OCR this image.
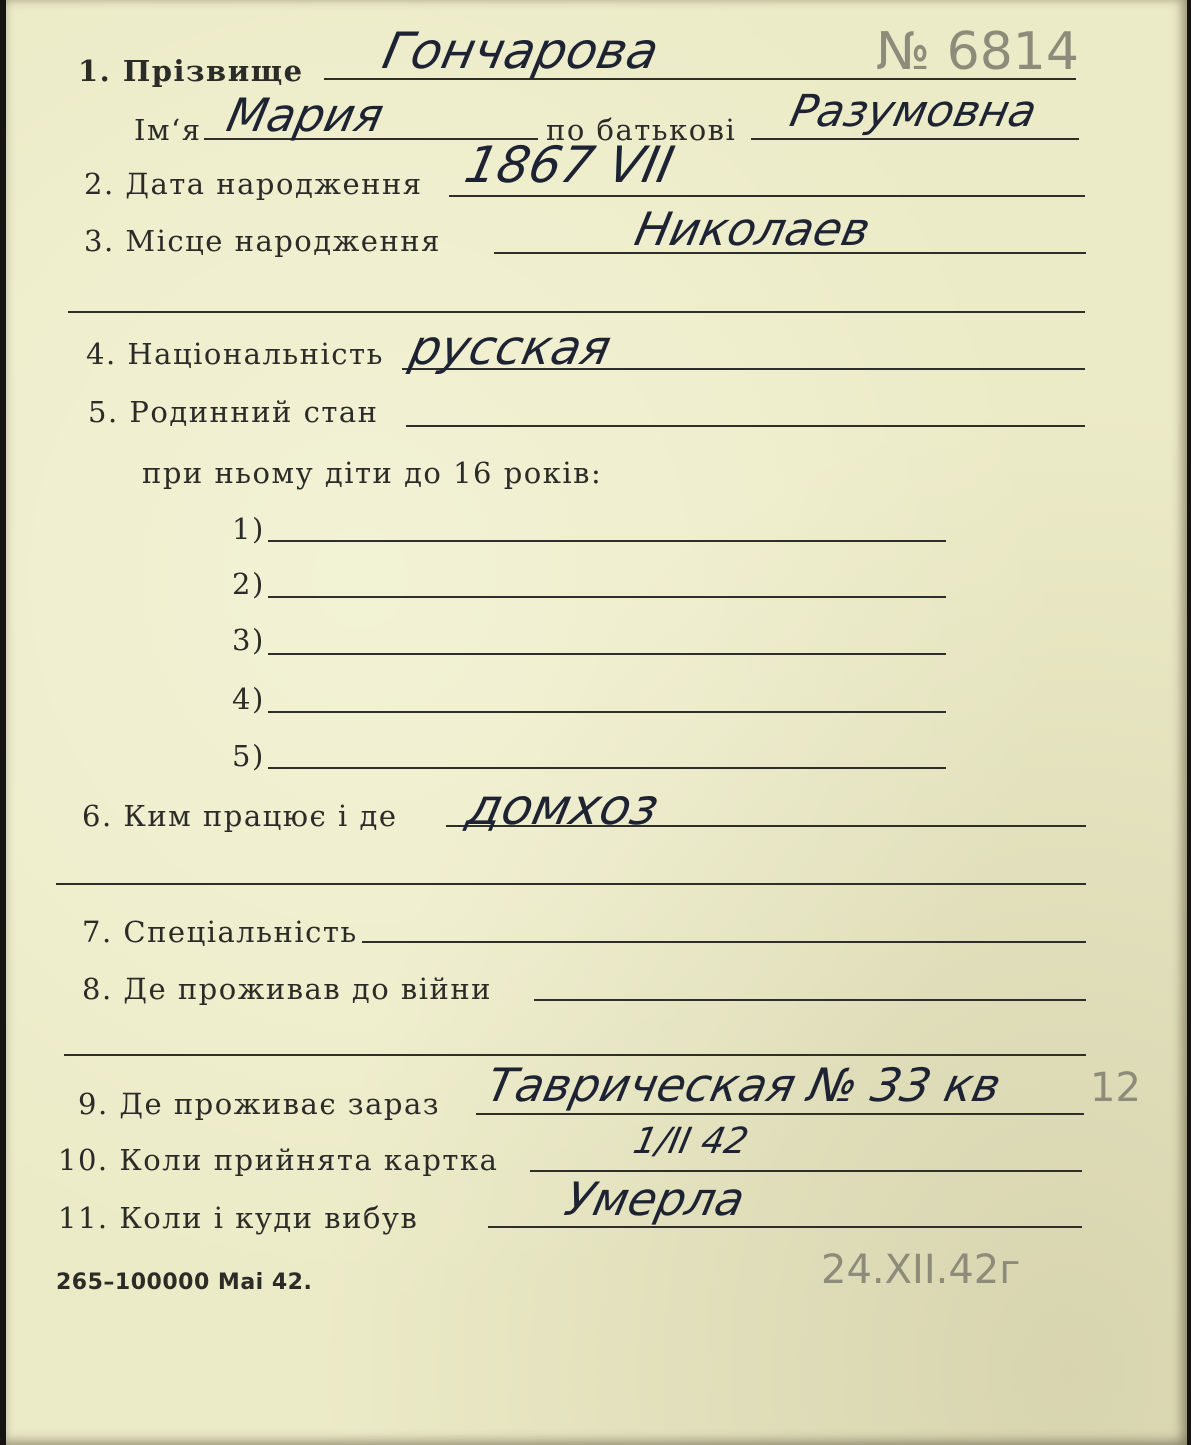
1. Прізвище Гончарова	№ 6814
Ім‘я Мария	по батькові Разумовна
2. Дата народження 1867 VII
3. Місце народження	Николаев
4. Національність русская
5. Родинний стан
при ньому діти до 16 років:
1)
2)
3)
4)
5)
6. Ким працює і де домхоз
7. Спеціальність
8. Де проживав до війни
9. Де проживає зараз Таврическая № 33 кв 12
10. Коли прийнята картка	1/II 42
11. Коли і куди вибув	Умерла
24.XII.42г
265–100000 Mai 42.
